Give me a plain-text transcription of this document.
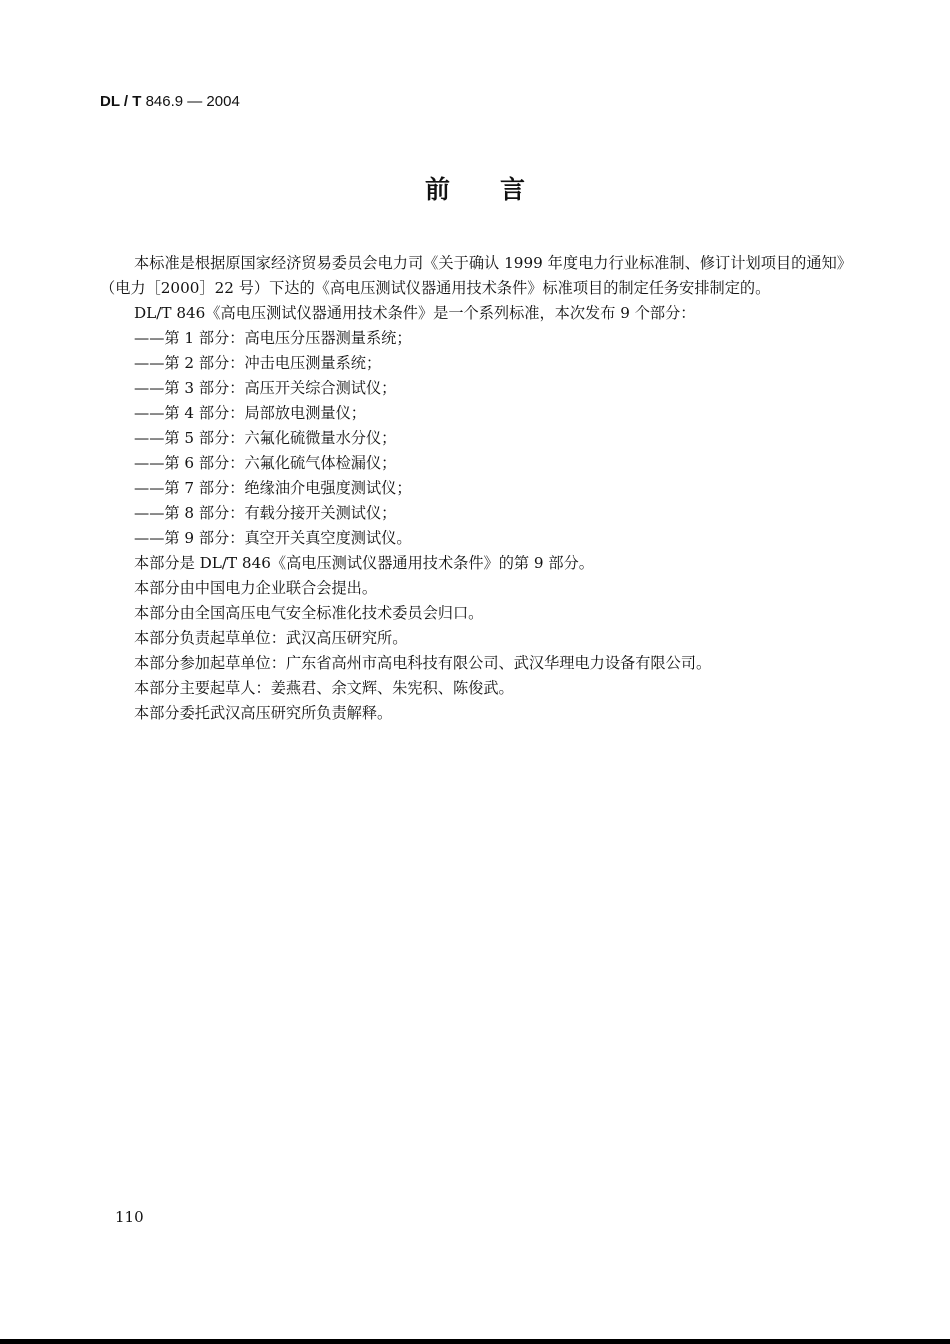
DL / T 846.9 — 2004
前言

本标准是根据原国家经济贸易委员会电力司《关于确认 1999 年度电力行业标准制、修订计划项目的通知》（电力［2000］22 号）下达的《高电压测试仪器通用技术条件》标准项目的制定任务安排制定的。

DL/T 846《高电压测试仪器通用技术条件》是一个系列标准，本次发布 9 个部分：

——第 1 部分：高电压分压器测量系统；

——第 2 部分：冲击电压测量系统；

——第 3 部分：高压开关综合测试仪；

——第 4 部分：局部放电测量仪；

——第 5 部分：六氟化硫微量水分仪；

——第 6 部分：六氟化硫气体检漏仪；

——第 7 部分：绝缘油介电强度测试仪；

——第 8 部分：有载分接开关测试仪；

——第 9 部分：真空开关真空度测试仪。

本部分是 DL/T 846《高电压测试仪器通用技术条件》的第 9 部分。

本部分由中国电力企业联合会提出。

本部分由全国高压电气安全标准化技术委员会归口。

本部分负责起草单位：武汉高压研究所。

本部分参加起草单位：广东省高州市高电科技有限公司、武汉华理电力设备有限公司。

本部分主要起草人：姜燕君、余文辉、朱宪积、陈俊武。

本部分委托武汉高压研究所负责解释。

110
